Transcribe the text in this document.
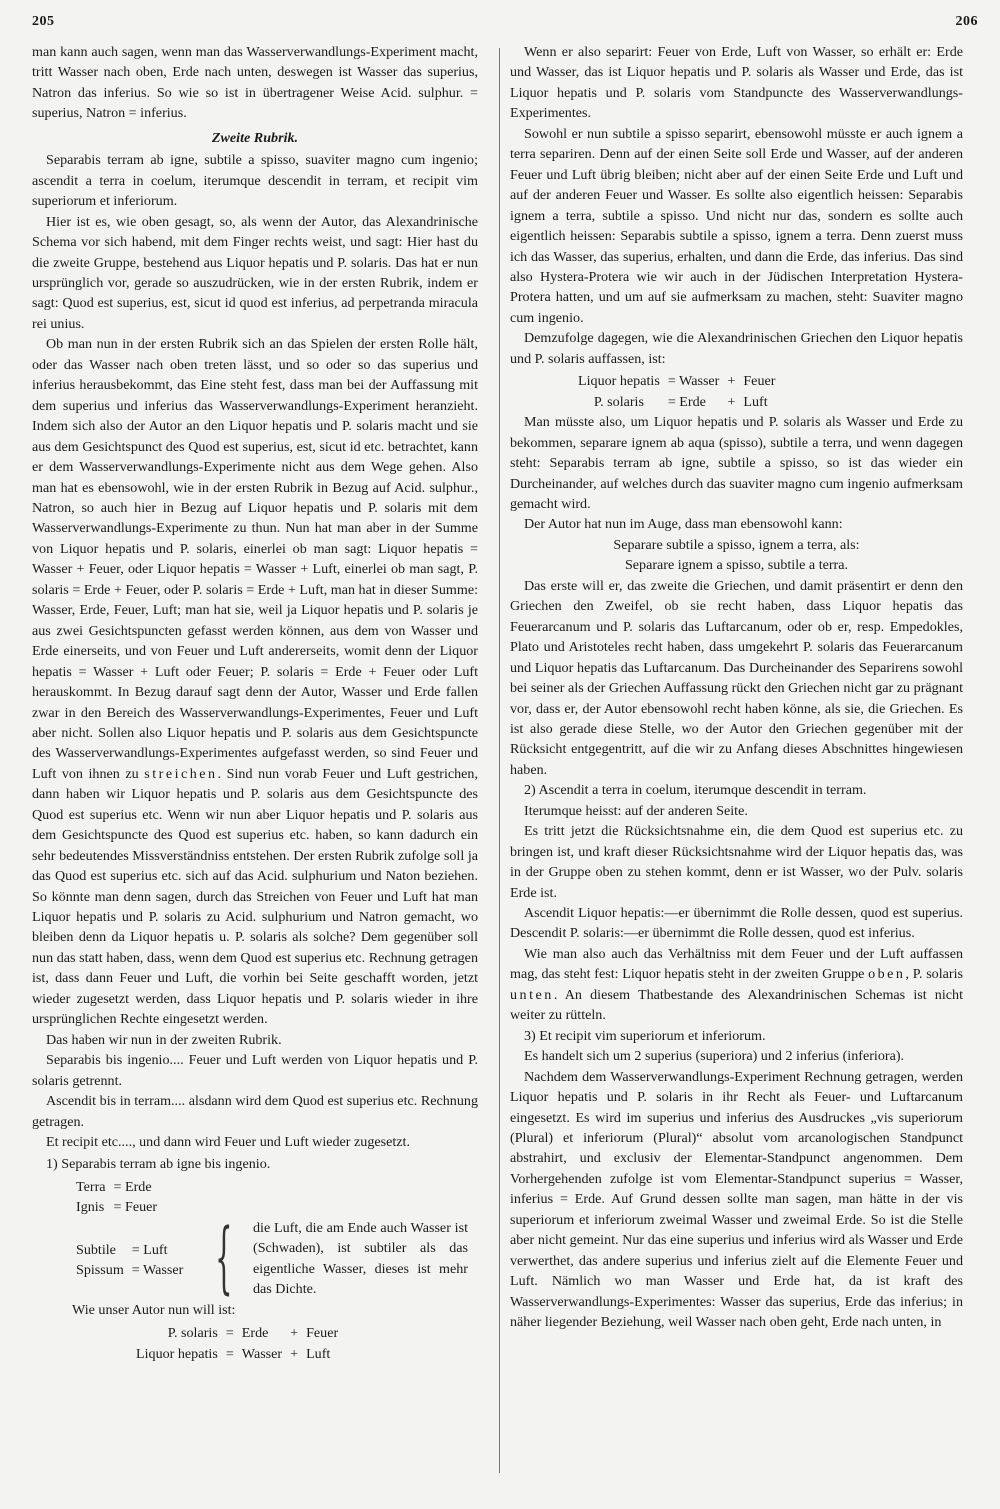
205	206

man kann auch sagen, wenn man das Wasserverwandlungs-Experiment macht, tritt Wasser nach oben, Erde nach unten, deswegen ist Wasser das superius, Natron das inferius. So wie so ist in übertragener Weise Acid. sulphur. = superius, Natron = inferius.

Zweite Rubrik.

Separabis terram ab igne, subtile a spisso, suaviter magno cum ingenio; ascendit a terra in coelum, iterumque descendit in terram, et recipit vim superiorum et inferiorum.

Hier ist es, wie oben gesagt, so, als wenn der Autor, das Alexandrinische Schema vor sich habend, mit dem Finger rechts weist, und sagt: Hier hast du die zweite Gruppe, bestehend aus Liquor hepatis und P. solaris. Das hat er nun ursprünglich vor, gerade so auszudrücken, wie in der ersten Rubrik, indem er sagt: Quod est superius, est, sicut id quod est inferius, ad perpetranda miracula rei unius.

Ob man nun in der ersten Rubrik sich an das Spielen der ersten Rolle hält, oder das Wasser nach oben treten lässt, und so oder so das superius und inferius herausbekommt, das Eine steht fest, dass man bei der Auffassung mit dem superius und inferius das Wasserverwandlungs-Experiment heranzieht. Indem sich also der Autor an den Liquor hepatis und P. solaris macht und sie aus dem Gesichtspunct des Quod est superius, est, sicut id etc. betrachtet, kann er dem Wasserverwandlungs-Experimente nicht aus dem Wege gehen. Also man hat es ebensowohl, wie in der ersten Rubrik in Bezug auf Acid. sulphur., Natron, so auch hier in Bezug auf Liquor hepatis und P. solaris mit dem Wasserverwandlungs-Experimente zu thun. Nun hat man aber in der Summe von Liquor hepatis und P. solaris, einerlei ob man sagt: Liquor hepatis = Wasser + Feuer, oder Liquor hepatis = Wasser + Luft, einerlei ob man sagt, P. solaris = Erde + Feuer, oder P. solaris = Erde + Luft, man hat in dieser Summe: Wasser, Erde, Feuer, Luft; man hat sie, weil ja Liquor hepatis und P. solaris je aus zwei Gesichtspuncten gefasst werden können, aus dem von Wasser und Erde einerseits, und von Feuer und Luft andererseits, womit denn der Liquor hepatis = Wasser + Luft oder Feuer; P. solaris = Erde + Feuer oder Luft herauskommt. In Bezug darauf sagt denn der Autor, Wasser und Erde fallen zwar in den Bereich des Wasserverwandlungs-Experimentes, Feuer und Luft aber nicht. Sollen also Liquor hepatis und P. solaris aus dem Gesichtspuncte des Wasserverwandlungs-Experimentes aufgefasst werden, so sind Feuer und Luft von ihnen zu streichen. Sind nun vorab Feuer und Luft gestrichen, dann haben wir Liquor hepatis und P. solaris aus dem Gesichtspuncte des Quod est superius etc. Wenn wir nun aber Liquor hepatis und P. solaris aus dem Gesichtspuncte des Quod est superius etc. haben, so kann dadurch ein sehr bedeutendes Missverständniss entstehen. Der ersten Rubrik zufolge soll ja das Quod est superius etc. sich auf das Acid. sulphurium und Naton beziehen. So könnte man denn sagen, durch das Streichen von Feuer und Luft hat man Liquor hepatis und P. solaris zu Acid. sulphurium und Natron gemacht, wo bleiben denn da Liquor hepatis u. P. solaris als solche? Dem gegenüber soll nun das statt haben, dass, wenn dem Quod est superius etc. Rechnung getragen ist, dass dann Feuer und Luft, die vorhin bei Seite geschafft worden, jetzt wieder zugesetzt werden, dass Liquor hepatis und P. solaris wieder in ihre ursprünglichen Rechte eingesetzt werden.

Das haben wir nun in der zweiten Rubrik.

Separabis bis ingenio.... Feuer und Luft werden von Liquor hepatis und P. solaris getrennt.

Ascendit bis in terram.... alsdann wird dem Quod est superius etc. Rechnung getragen.

Et recipit etc...., und dann wird Feuer und Luft wieder zugesetzt.

1) Separabis terram ab igne bis ingenio.

Terra	= Erde
Ignis	= Feuer
Subtile	= Luft
Spissum	= Wasser { die Luft, die am Ende auch Wasser ist (Schwaden), ist subtiler als das eigentliche Wasser, dieses ist mehr das Dichte.

Wie unser Autor nun will ist:

P. solaris	=	Erde	+	Feuer
Liquor hepatis	=	Wasser	+	Luft

Wenn er also separirt: Feuer von Erde, Luft von Wasser, so erhält er: Erde und Wasser, das ist Liquor hepatis und P. solaris als Wasser und Erde, das ist Liquor hepatis und P. solaris vom Standpuncte des Wasserverwandlungs-Experimentes.

Sowohl er nun subtile a spisso separirt, ebensowohl müsste er auch ignem a terra separiren. Denn auf der einen Seite soll Erde und Wasser, auf der anderen Feuer und Luft übrig bleiben; nicht aber auf der einen Seite Erde und Luft und auf der anderen Feuer und Wasser. Es sollte also eigentlich heissen: Separabis ignem a terra, subtile a spisso. Und nicht nur das, sondern es sollte auch eigentlich heissen: Separabis subtile a spisso, ignem a terra. Denn zuerst muss ich das Wasser, das superius, erhalten, und dann die Erde, das inferius. Das sind also Hystera-Protera wie wir auch in der Jüdischen Interpretation Hystera-Protera hatten, und um auf sie aufmerksam zu machen, steht: Suaviter magno cum ingenio.

Demzufolge dagegen, wie die Alexandrinischen Griechen den Liquor hepatis und P. solaris auffassen, ist:

Liquor hepatis	= Wasser	+	Feuer
P. solaris	= Erde	+	Luft

Man müsste also, um Liquor hepatis und P. solaris als Wasser und Erde zu bekommen, separare ignem ab aqua (spisso), subtile a terra, und wenn dagegen steht: Separabis terram ab igne, subtile a spisso, so ist das wieder ein Durcheinander, auf welches durch das suaviter magno cum ingenio aufmerksam gemacht wird.

Der Autor hat nun im Auge, dass man ebensowohl kann:

Separare subtile a spisso, ignem a terra, als:

Separare ignem a spisso, subtile a terra.

Das erste will er, das zweite die Griechen, und damit präsentirt er denn den Griechen den Zweifel, ob sie recht haben, dass Liquor hepatis das Feuerarcanum und P. solaris das Luftarcanum, oder ob er, resp. Empedokles, Plato und Aristoteles recht haben, dass umgekehrt P. solaris das Feuerarcanum und Liquor hepatis das Luftarcanum. Das Durcheinander des Separirens sowohl bei seiner als der Griechen Auffassung rückt den Griechen nicht gar zu prägnant vor, dass er, der Autor ebensowohl recht haben könne, als sie, die Griechen. Es ist also gerade diese Stelle, wo der Autor den Griechen gegenüber mit der Rücksicht entgegentritt, auf die wir zu Anfang dieses Abschnittes hingewiesen haben.

2) Ascendit a terra in coelum, iterumque descendit in terram.

Iterumque heisst: auf der anderen Seite.

Es tritt jetzt die Rücksichtsnahme ein, die dem Quod est superius etc. zu bringen ist, und kraft dieser Rücksichtsnahme wird der Liquor hepatis das, was in der Gruppe oben zu stehen kommt, denn er ist Wasser, wo der Pulv. solaris Erde ist.

Ascendit Liquor hepatis:—er übernimmt die Rolle dessen, quod est superius. Descendit P. solaris:—er übernimmt die Rolle dessen, quod est inferius.

Wie man also auch das Verhältniss mit dem Feuer und der Luft auffassen mag, das steht fest: Liquor hepatis steht in der zweiten Gruppe oben, P. solaris unten. An diesem Thatbestande des Alexandrinischen Schemas ist nicht weiter zu rütteln.

3) Et recipit vim superiorum et inferiorum.

Es handelt sich um 2 superius (superiora) und 2 inferius (inferiora).

Nachdem dem Wasserverwandlungs-Experiment Rechnung getragen, werden Liquor hepatis und P. solaris in ihr Recht als Feuer- und Luftarcanum eingesetzt. Es wird im superius und inferius des Ausdruckes „vis superiorum (Plural) et inferiorum (Plural)“ absolut vom arcanologischen Standpunct abstrahirt, und exclusiv der Elementar-Standpunct angenommen. Dem Vorhergehenden zufolge ist vom Elementar-Standpunct superius = Wasser, inferius = Erde. Auf Grund dessen sollte man sagen, man hätte in der vis superiorum et inferiorum zweimal Wasser und zweimal Erde. So ist die Stelle aber nicht gemeint. Nur das eine superius und inferius wird als Wasser und Erde verwerthet, das andere superius und inferius zielt auf die Elemente Feuer und Luft. Nämlich wo man Wasser und Erde hat, da ist kraft des Wasserverwandlungs-Experimentes: Wasser das superius, Erde das inferius; in näher liegender Beziehung, weil Wasser nach oben geht, Erde nach unten, in
